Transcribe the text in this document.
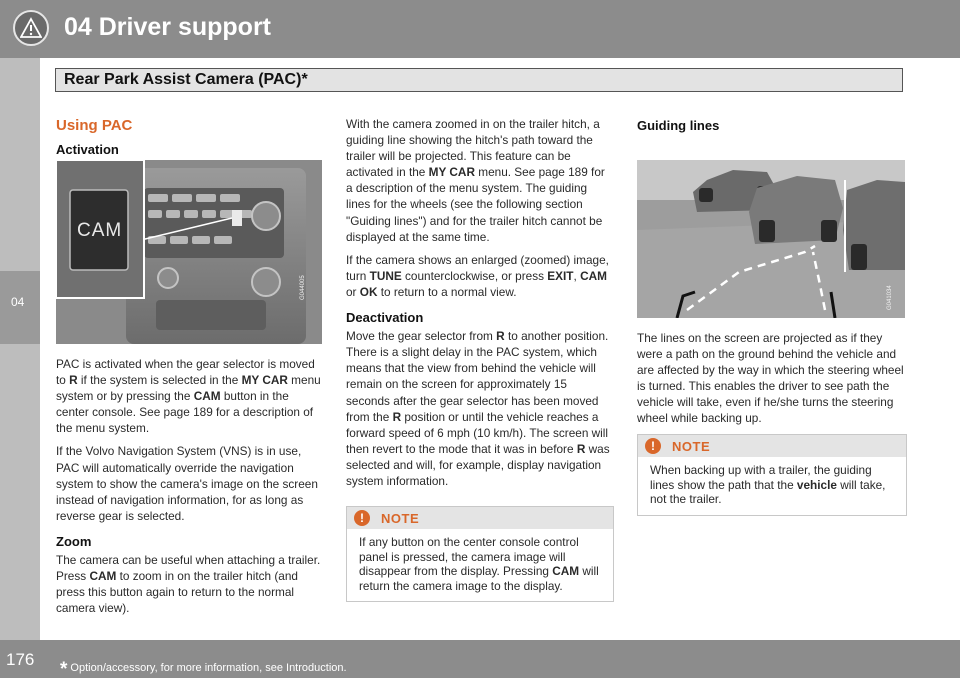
04 Driver support
Rear Park Assist Camera (PAC)*
04
Using PAC
Activation
CAM
G044005

PAC is activated when the gear selector is moved to R if the system is selected in the MY CAR menu system or by pressing the CAM button in the center console. See page 189 for a description of the menu system.

If the Volvo Navigation System (VNS) is in use, PAC will automatically override the navigation system to show the camera's image on the screen instead of navigation information, for as long as reverse gear is selected.

Zoom

The camera can be useful when attaching a trailer. Press CAM to zoom in on the trailer hitch (and press this button again to return to the normal camera view).

With the camera zoomed in on the trailer hitch, a guiding line showing the hitch's path toward the trailer will be projected. This feature can be activated in the MY CAR menu. See page 189 for a description of the menu system. The guiding lines for the wheels (see the following section "Guiding lines") and for the trailer hitch cannot be displayed at the same time.

If the camera shows an enlarged (zoomed) image, turn TUNE counterclockwise, or press EXIT, CAM or OK to return to a normal view.

Deactivation

Move the gear selector from R to another position. There is a slight delay in the PAC system, which means that the view from behind the vehicle will remain on the screen for approximately 15 seconds after the gear selector has been moved from the R position or until the vehicle reaches a forward speed of 6 mph (10 km/h). The screen will then revert to the mode that it was in before R was selected and will, for example, display navigation system information.

!	NOTE
If any button on the center console control panel is pressed, the camera image will disappear from the display. Pressing CAM will return the camera image to the display.
Guiding lines
G041034

The lines on the screen are projected as if they were a path on the ground behind the vehicle and are affected by the way in which the steering wheel is turned. This enables the driver to see path the vehicle will take, even if he/she turns the steering wheel while backing up.

!	NOTE
When backing up with a trailer, the guiding lines show the path that the vehicle will take, not the trailer.
176 * Option/accessory, for more information, see Introduction.
